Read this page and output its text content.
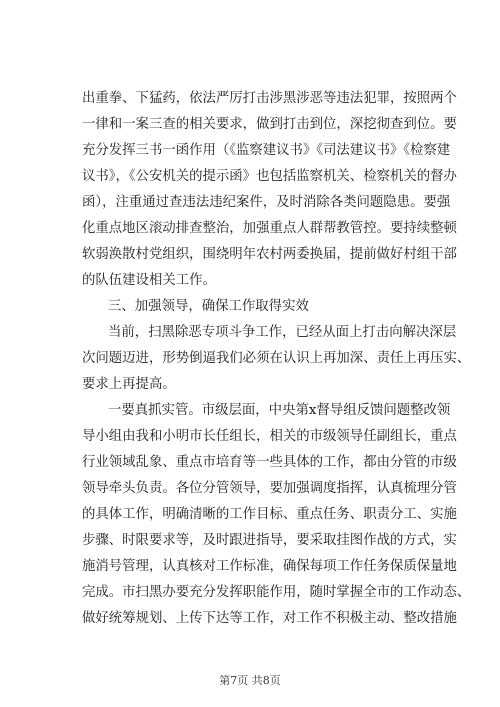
出重拳、下猛药，依法严厉打击涉黑涉恶等违法犯罪，按照两个
一律和一案三查的相关要求，做到打击到位，深挖彻查到位。要
充分发挥三书一函作用（《监察建议书》《司法建议书》《检察建
议书》，《公安机关的提示函》也包括监察机关、检察机关的督办
函），注重通过查违法违纪案件，及时消除各类问题隐患。要强
化重点地区滚动排查整治，加强重点人群帮教管控。要持续整顿
软弱涣散村党组织，围绕明年农村两委换届，提前做好村组干部
的队伍建设相关工作。
三、加强领导，确保工作取得实效
当前，扫黑除恶专项斗争工作，已经从面上打击向解决深层
次问题迈进，形势倒逼我们必须在认识上再加深、责任上再压实、
要求上再提高。
一要真抓实管。市级层面，中央第x督导组反馈问题整改领
导小组由我和小明市长任组长，相关的市级领导任副组长，重点
行业领域乱象、重点市培育等一些具体的工作，都由分管的市级
领导牵头负责。各位分管领导，要加强调度指挥，认真梳理分管
的具体工作，明确清晰的工作目标、重点任务、职责分工、实施
步骤、时限要求等，及时跟进指导，要采取挂图作战的方式，实
施消号管理，认真核对工作标准，确保每项工作任务保质保量地
完成。市扫黑办要充分发挥职能作用，随时掌握全市的工作动态、
做好统筹规划、上传下达等工作，对工作不积极主动、整改措施
第7页 共8页
